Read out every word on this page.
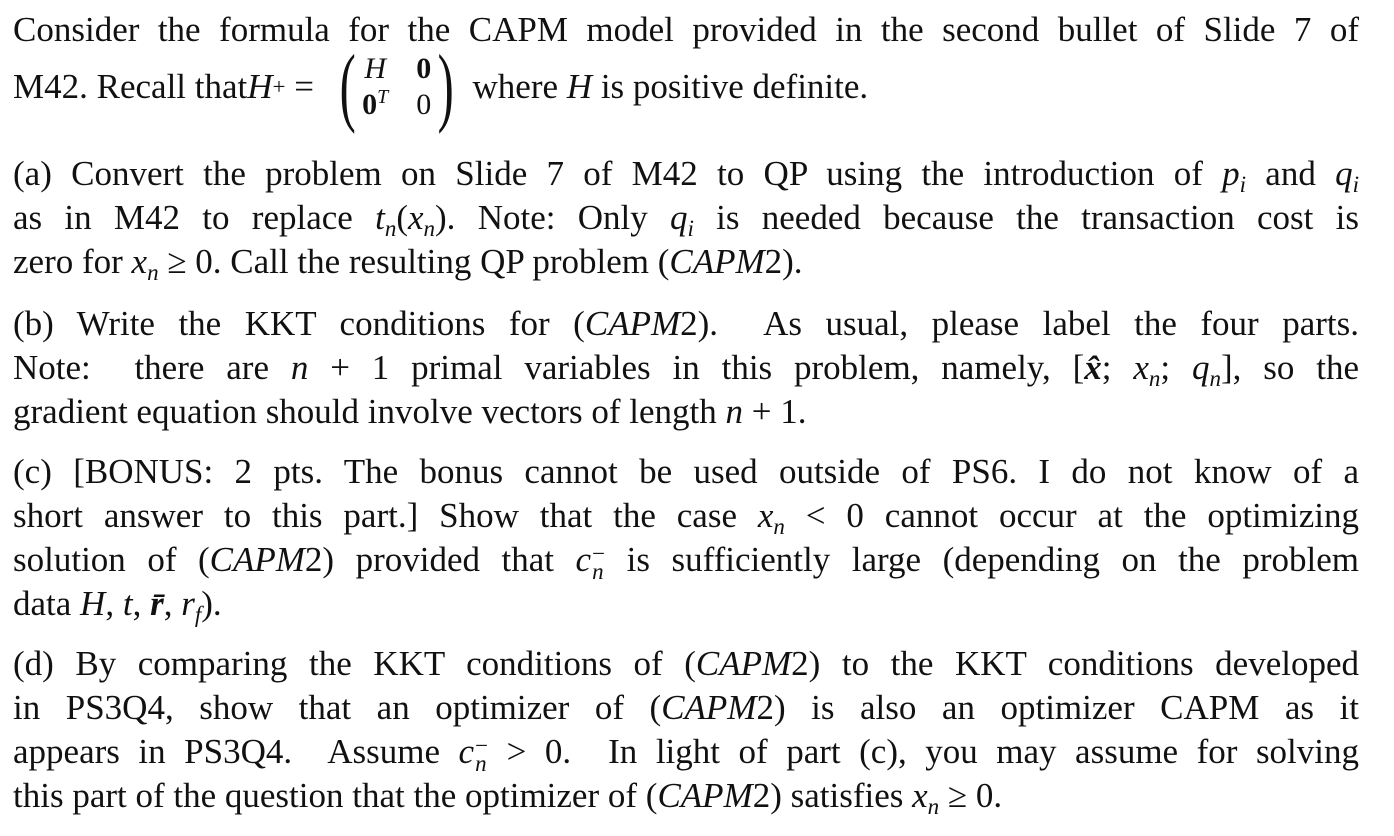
Consider the formula for the CAPM model provided in the second bullet of Slide 7 of
M42. Recall that H + = ( H 0
$0^T$ 0 ) where H is positive definite.
(a) Convert the problem on Slide 7 of M42 to QP using the introduction of $p_i$ and $q_i$
as in M42 to replace $t_n(x_n)$. Note: Only $q_i$ is needed because the transaction cost is
zero for $x_n \ge 0$. Call the resulting QP problem (CAPM2).
(b) Write the KKT conditions for (CAPM2).  As usual, please label the four parts.
Note:  there are n + 1 primal variables in this problem, namely, [x̂; $x_n$; $q_n$], so the
gradient equation should involve vectors of length n + 1.
(c) [BONUS: 2 pts. The bonus cannot be used outside of PS6. I do not know of a
short answer to this part.] Show that the case $x_n < 0$ cannot occur at the optimizing
solution of (CAPM2) provided that c −
n is sufficiently large (depending on the problem
data H, t, r̄, $r_f$).
(d) By comparing the KKT conditions of (CAPM2) to the KKT conditions developed
in PS3Q4, show that an optimizer of (CAPM2) is also an optimizer CAPM as it
appears in PS3Q4.  Assume c −
n > 0.  In light of part (c), you may assume for solving
this part of the question that the optimizer of (CAPM2) satisfies $x_n \ge 0$.
